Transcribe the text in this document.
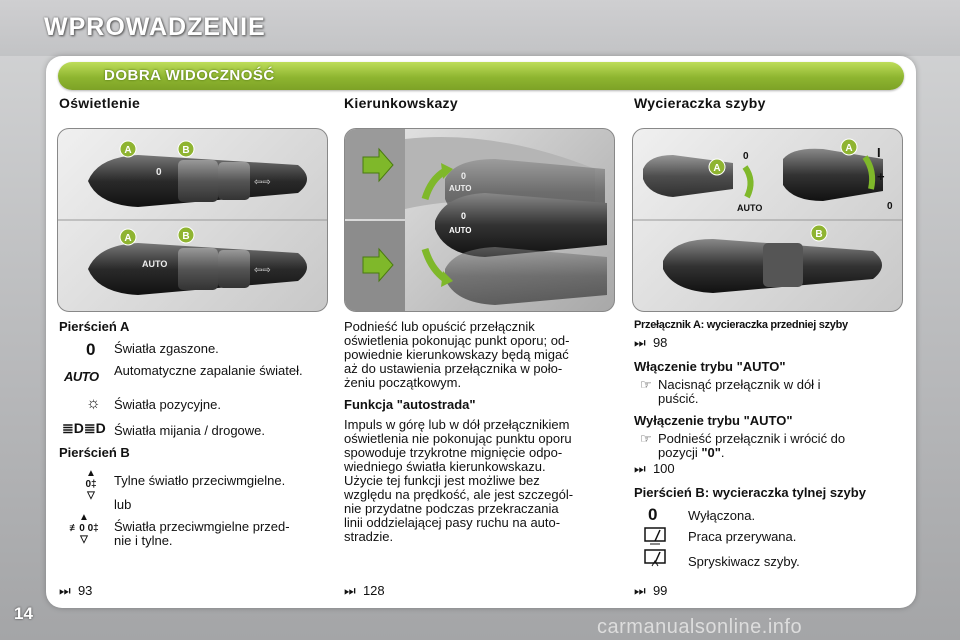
WPROWADZENIE
DOBRA WIDOCZNOŚĆ
Oświetlenie
A	B
0
⇦⇨
A	B
AUTO
⇦⇨
Pierścień A
0 Światła zgaszone.
AUTO Automatyczne zapalanie świateł.
☼ Światła pozycyjne.
≣D≣D Światła mijania / drogowe.
Pierścień B
▲
0‡
▽
Tylne światło przeciwmgielne.
lub
▲
≢0 0‡
▽
Światła przeciwmgielne przed-
nie i tylne.
⏭ 93
Kierunkowskazy
0
AUTO
0
AUTO
Podnieść lub opuścić przełącznik
oświetlenia pokonując punkt oporu; od-
powiednie kierunkowskazy będą migać
aż do ustawienia przełącznika w poło-
żeniu początkowym.
Funkcja "autostrada"
Impuls w górę lub w dół przełącznikiem
oświetlenia nie pokonując punktu oporu
spowoduje trzykrotne mignięcie odpo-
wiedniego światła kierunkowskazu.
Użycie tej funkcji jest możliwe bez
względu na prędkość, ale jest szczegól-
nie przydatne podczas przekraczania
linii oddzielającej pasy ruchu na auto-
stradzie.
⏭ 128
Wycieraczka szyby
A
A
0	I
+
0
AUTO
B
Przełącznik A: wycieraczka przedniej szyby
⏭ 98
Włączenie trybu "AUTO"
☞ Nacisnąć przełącznik w dół i
puścić.
Wyłączenie trybu "AUTO"
☞ Podnieść przełącznik i wrócić do
pozycji "0".
⏭ 100
Pierścień B: wycieraczka tylnej szyby
0 Wyłączona.
Praca przerywana.
Spryskiwacz szyby.
⏭ 99
14
carmanualsonline.info
